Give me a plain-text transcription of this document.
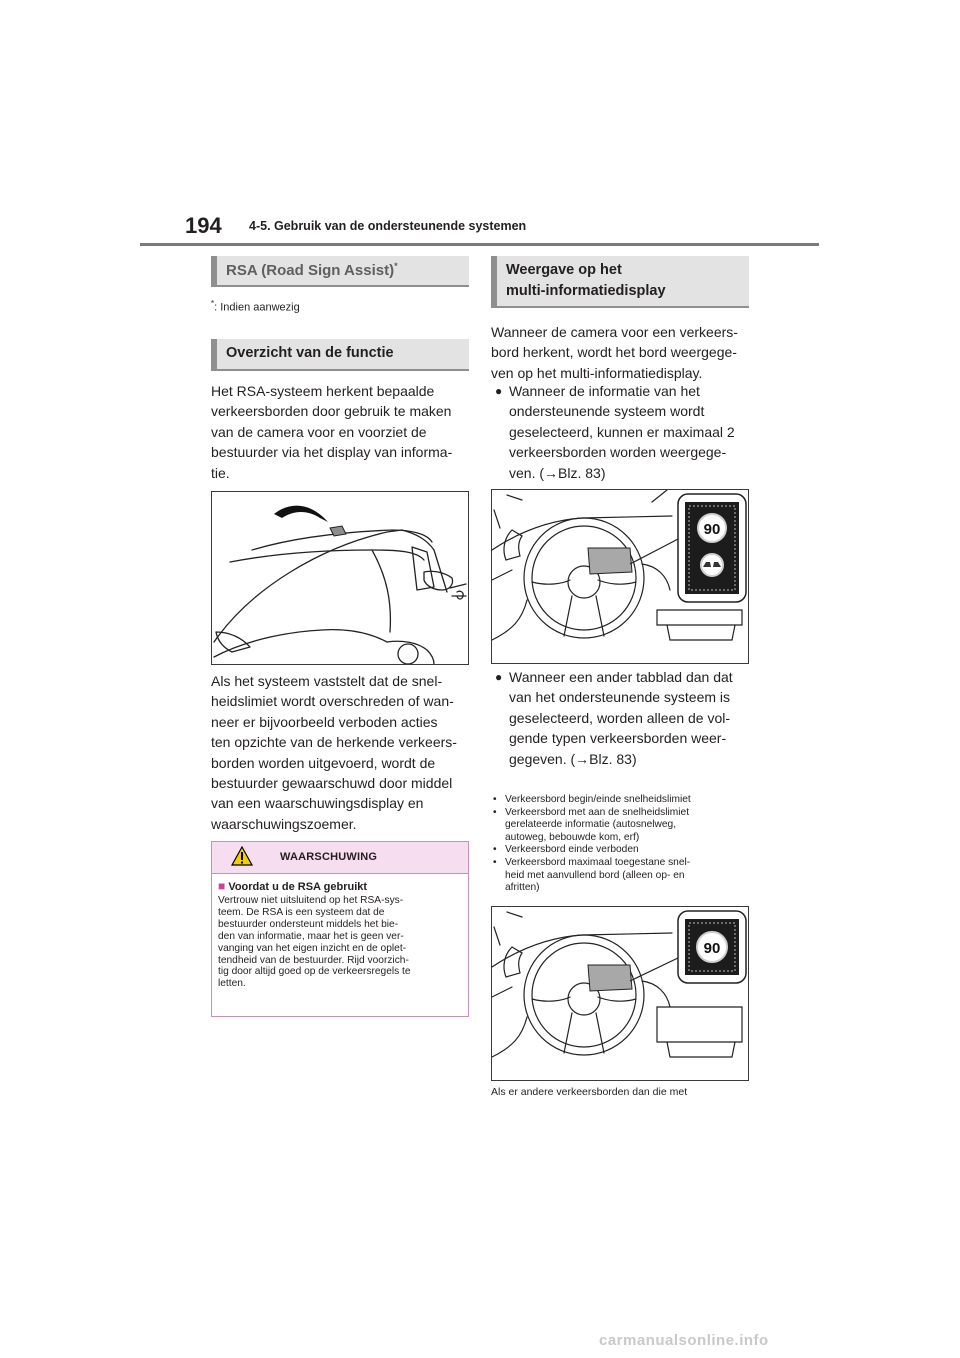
194 4-5. Gebruik van de ondersteunende systemen
RSA (Road Sign Assist)*
*: Indien aanwezig
Overzicht van de functie
Het RSA-systeem herkent bepaalde
verkeersborden door gebruik te maken
van de camera voor en voorziet de
bestuurder via het display van informa-
tie.
Als het systeem vaststelt dat de snel-
heidslimiet wordt overschreden of wan-
neer er bijvoorbeeld verboden acties
ten opzichte van de herkende verkeers-
borden worden uitgevoerd, wordt de
bestuurder gewaarschuwd door middel
van een waarschuwingsdisplay en
waarschuwingszoemer.
WAARSCHUWING
■ Voordat u de RSA gebruikt
Vertrouw niet uitsluitend op het RSA-sys-
teem. De RSA is een systeem dat de
bestuurder ondersteunt middels het bie-
den van informatie, maar het is geen ver-
vanging van het eigen inzicht en de oplet-
tendheid van de bestuurder. Rijd voorzich-
tig door altijd goed op de verkeersregels te
letten.
Weergave op het
multi-informatiedisplay
Wanneer de camera voor een verkeers-
bord herkent, wordt het bord weergege-
ven op het multi-informatiedisplay.
● Wanneer de informatie van het
ondersteunende systeem wordt
geselecteerd, kunnen er maximaal 2
verkeersborden worden weergege-
ven. (→Blz. 83)
90
● Wanneer een ander tabblad dan dat
van het ondersteunende systeem is
geselecteerd, worden alleen de vol-
gende typen verkeersborden weer-
gegeven. (→Blz. 83)
• Verkeersbord begin/einde snelheidslimiet
• Verkeersbord met aan de snelheidslimiet
gerelateerde informatie (autosnelweg,
autoweg, bebouwde kom, erf)
• Verkeersbord einde verboden
• Verkeersbord maximaal toegestane snel-
heid met aanvullend bord (alleen op- en
afritten)
90
Als er andere verkeersborden dan die met
carmanualsonline.info
